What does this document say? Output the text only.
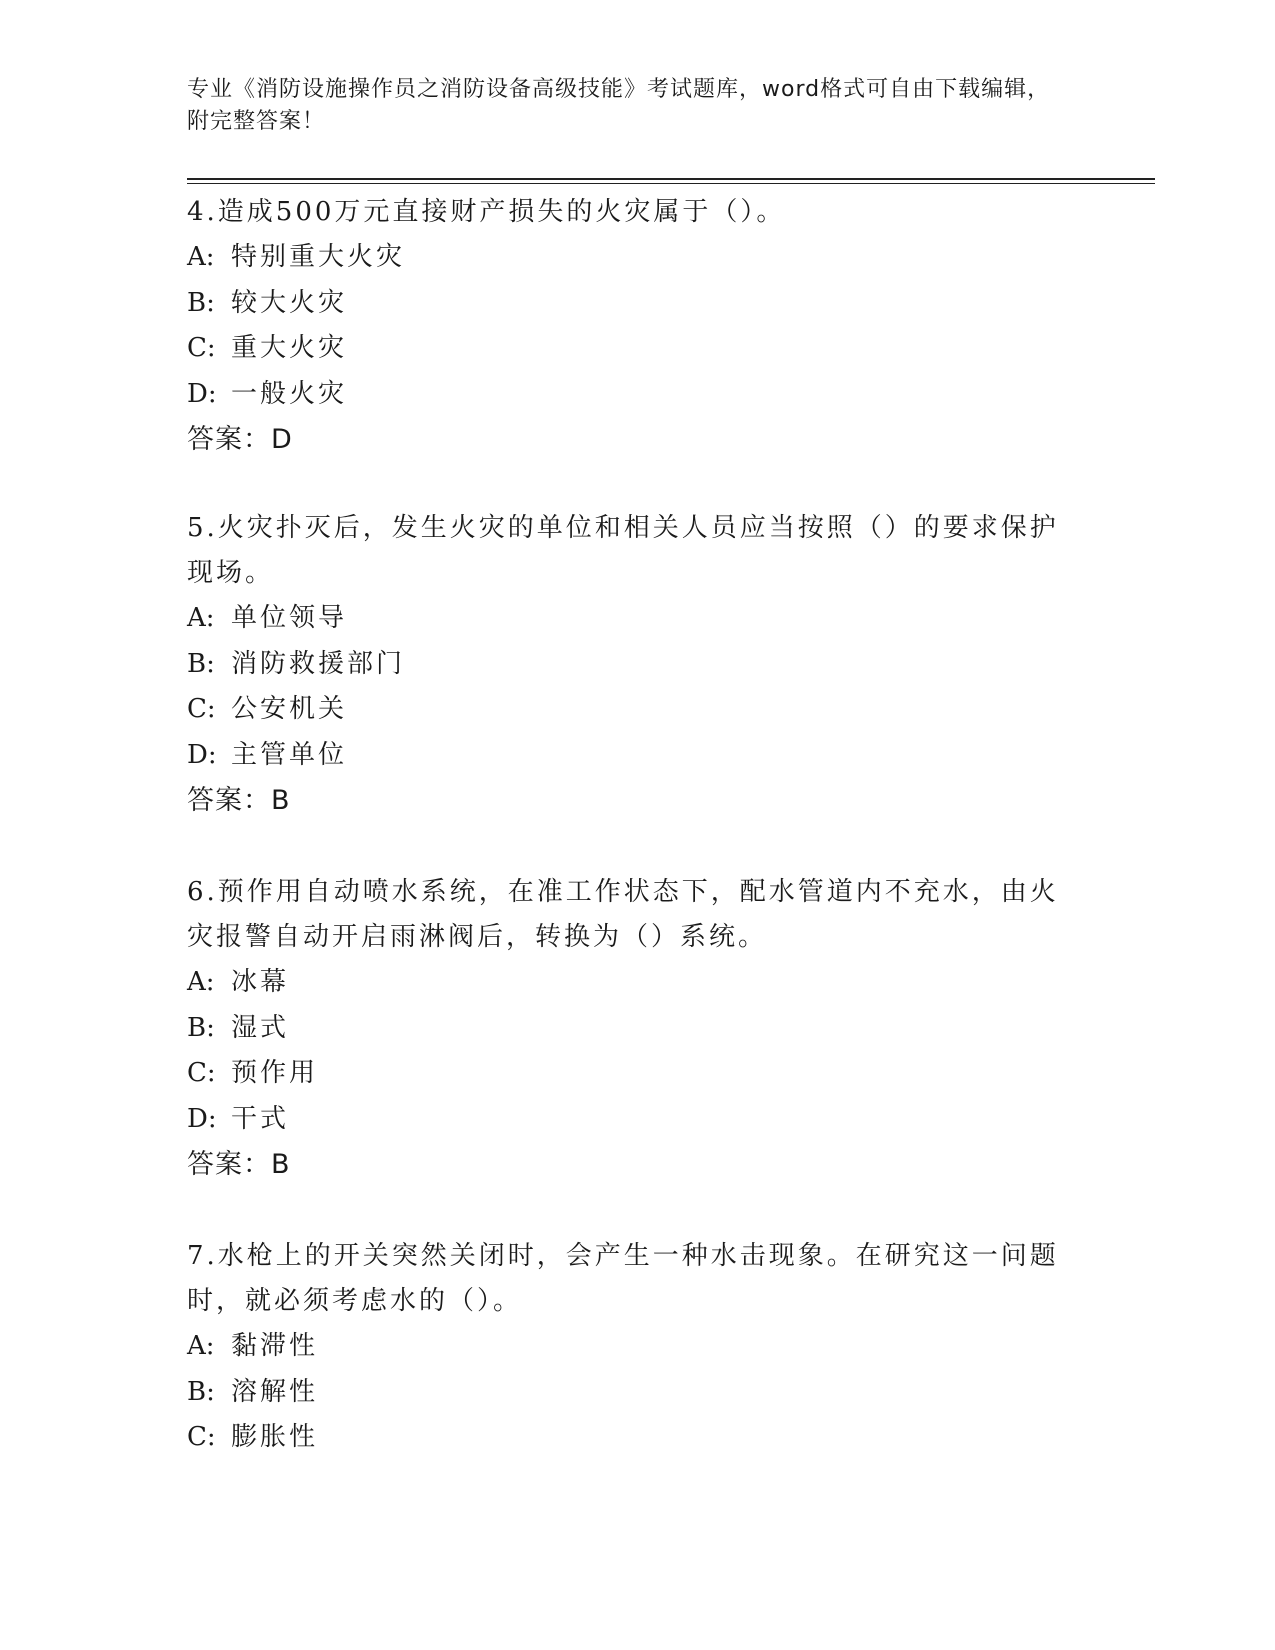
专业《消防设施操作员之消防设备高级技能》考试题库，word格式可自由下载编辑，附完整答案！

4.造成500万元直接财产损失的火灾属于（）。

A: 特别重大火灾

B: 较大火灾

C: 重大火灾

D: 一般火灾

答案：D

5.火灾扑灭后，发生火灾的单位和相关人员应当按照（）的要求保护现场。

A: 单位领导

B: 消防救援部门

C: 公安机关

D: 主管单位

答案：B

6.预作用自动喷水系统，在准工作状态下，配水管道内不充水，由火灾报警自动开启雨淋阀后，转换为（）系统。

A: 冰幕

B: 湿式

C: 预作用

D: 干式

答案：B

7.水枪上的开关突然关闭时，会产生一种水击现象。在研究这一问题时，就必须考虑水的（）。

A: 黏滞性

B: 溶解性

C: 膨胀性
